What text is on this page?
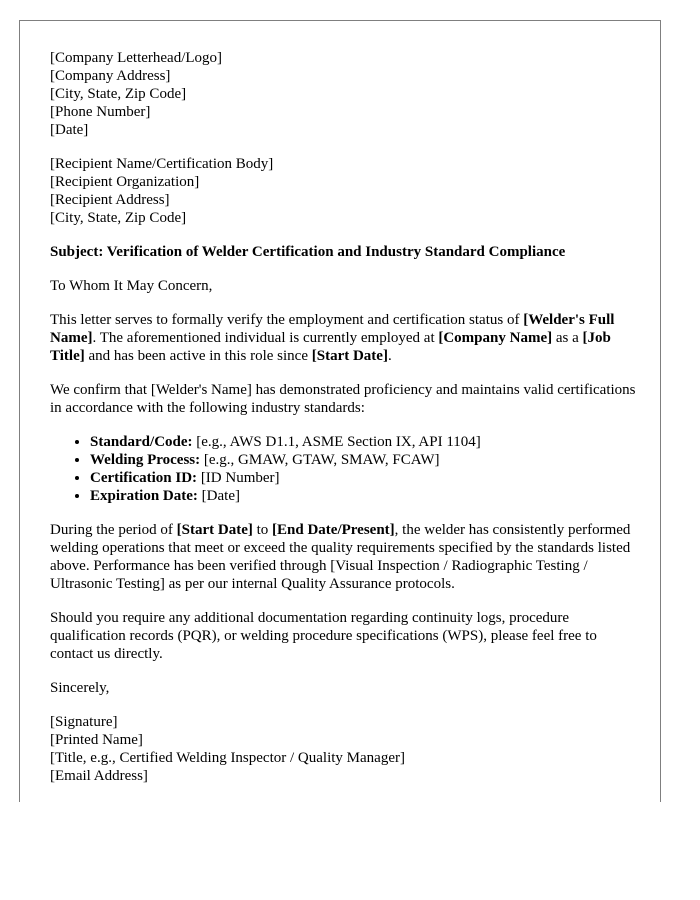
[Company Letterhead/Logo]
[Company Address]
[City, State, Zip Code]
[Phone Number]
[Date]
[Recipient Name/Certification Body]
[Recipient Organization]
[Recipient Address]
[City, State, Zip Code]

Subject: Verification of Welder Certification and Industry Standard Compliance

To Whom It May Concern,

This letter serves to formally verify the employment and certification status of [Welder's Full Name]. The aforementioned individual is currently employed at [Company Name] as a [Job Title] and has been active in this role since [Start Date].

We confirm that [Welder's Name] has demonstrated proficiency and maintains valid certifications in accordance with the following industry standards:

• Standard/Code: [e.g., AWS D1.1, ASME Section IX, API 1104]
• Welding Process: [e.g., GMAW, GTAW, SMAW, FCAW]
• Certification ID: [ID Number]
• Expiration Date: [Date]

During the period of [Start Date] to [End Date/Present], the welder has consistently performed welding operations that meet or exceed the quality requirements specified by the standards listed above. Performance has been verified through [Visual Inspection / Radiographic Testing / Ultrasonic Testing] as per our internal Quality Assurance protocols.

Should you require any additional documentation regarding continuity logs, procedure qualification records (PQR), or welding procedure specifications (WPS), please feel free to contact us directly.

Sincerely,

[Signature]
[Printed Name]
[Title, e.g., Certified Welding Inspector / Quality Manager]
[Email Address]
